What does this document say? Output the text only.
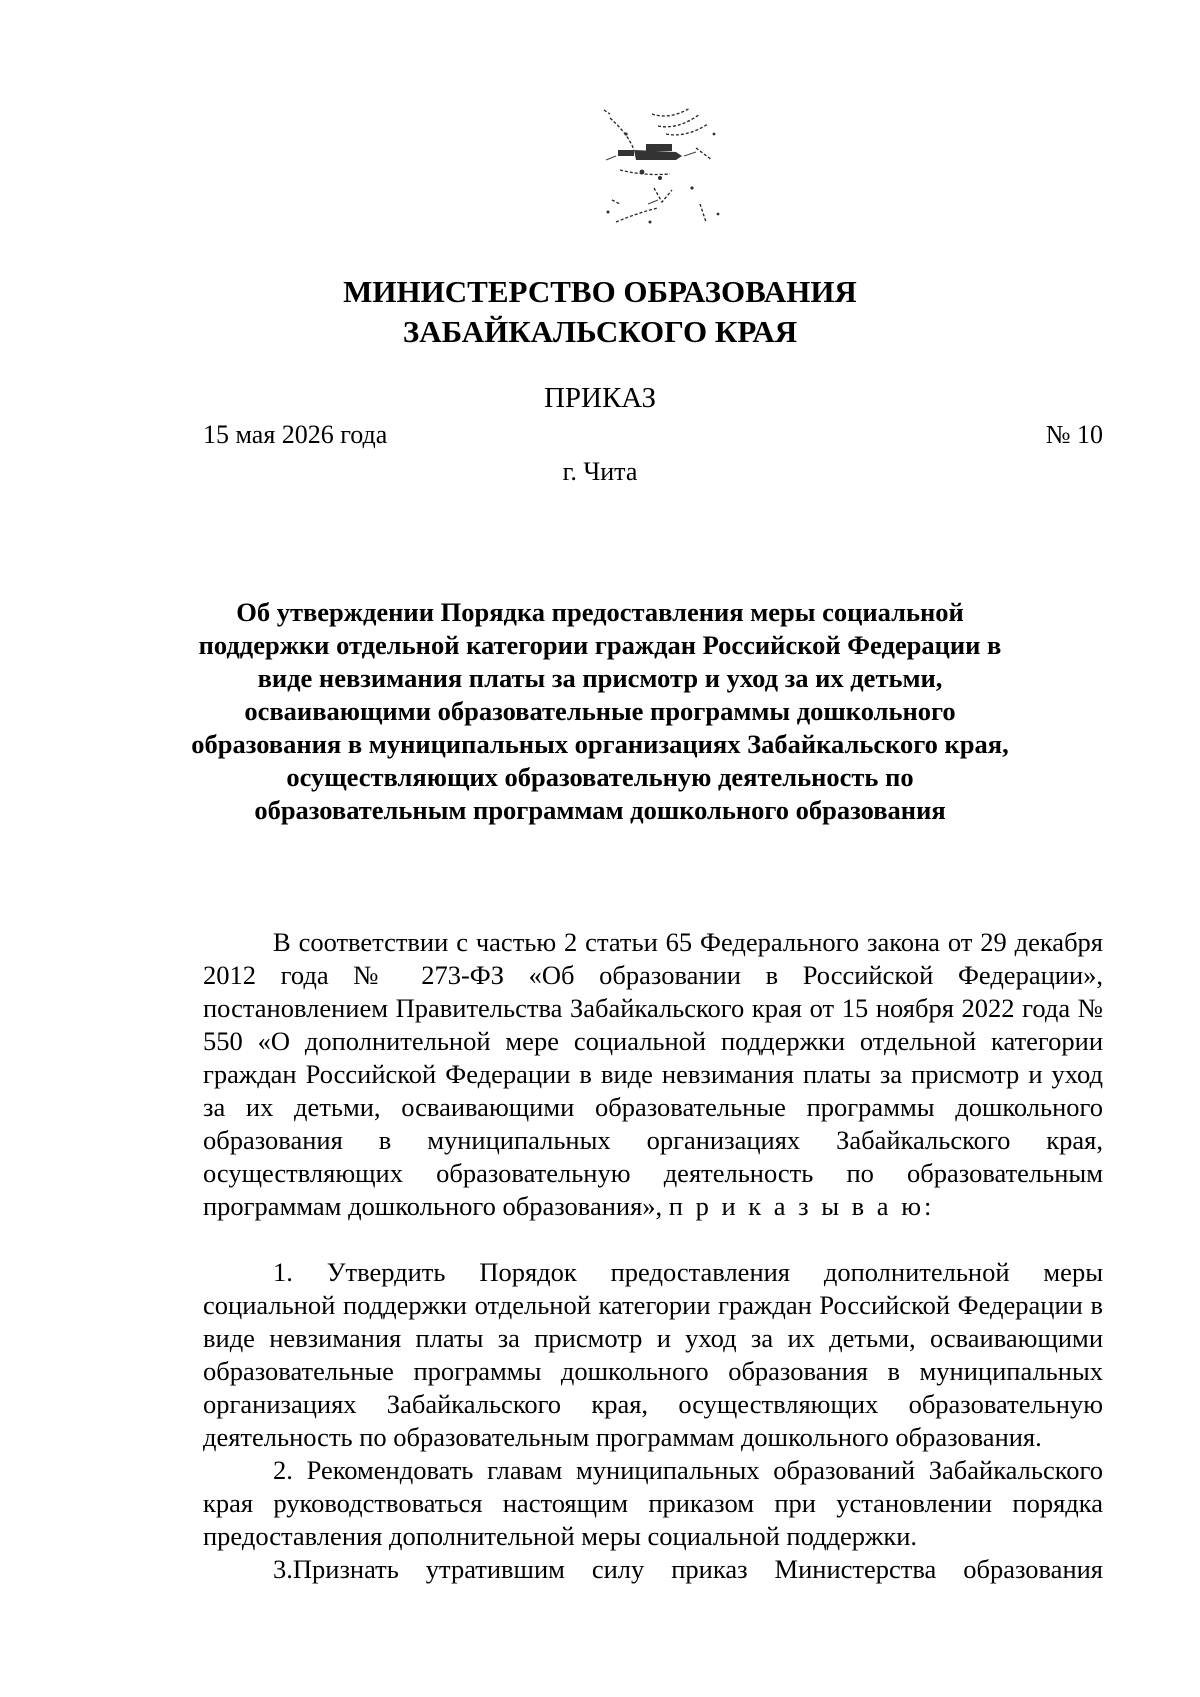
МИНИСТЕРСТВО ОБРАЗОВАНИЯ
ЗАБАЙКАЛЬСКОГО КРАЯ
ПРИКАЗ
15 мая 2026 года	№ 10
г. Чита
Об утверждении Порядка предоставления меры социальной поддержки отдельной категории граждан Российской Федерации в виде невзимания платы за присмотр и уход за их детьми, осваивающими образовательные программы дошкольного образования в муниципальных организациях Забайкальского края, осуществляющих образовательную деятельность по образовательным программам дошкольного образования

В соответствии с частью 2 статьи 65 Федерального закона от 29 декабря 2012 года № 273-ФЗ «Об образовании в Российской Федерации», постановлением Правительства Забайкальского края от 15 ноября 2022 года № 550 «О дополнительной мере социальной поддержки отдельной категории граждан Российской Федерации в виде невзимания платы за присмотр и уход за их детьми, осваивающими образовательные программы дошкольного образования в муниципальных организациях Забайкальского края, осуществляющих образовательную деятельность по образовательным программам дошкольного образования», п р и к а з ы в а ю:

1. Утвердить Порядок предоставления дополнительной меры социальной поддержки отдельной категории граждан Российской Федерации в виде невзимания платы за присмотр и уход за их детьми, осваивающими образовательные программы дошкольного образования в муниципальных организациях Забайкальского края, осуществляющих образовательную деятельность по образовательным программам дошкольного образования.

2. Рекомендовать главам муниципальных образований Забайкальского края руководствоваться настоящим приказом при установлении порядка предоставления дополнительной меры социальной поддержки.

3.Признать утратившим силу приказ Министерства образования
